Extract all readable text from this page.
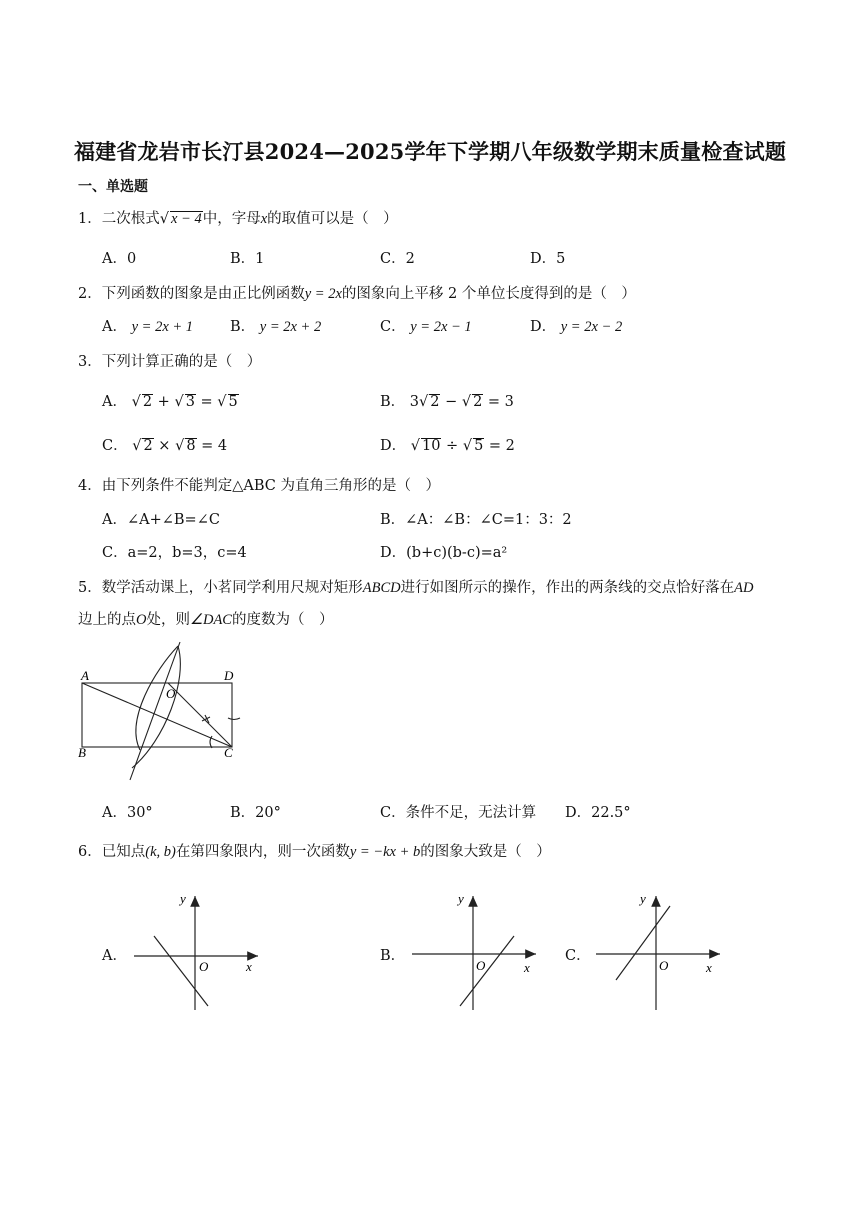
福建省龙岩市长汀县2024—2025学年下学期八年级数学期末质量检查试题
一、单选题
1．二次根式√ x − 4中，字母x的取值可以是（　）
A．0	B．1	C．2	D．5
2．下列函数的图象是由正比例函数y = 2x的图象向上平移 2 个单位长度得到的是（　）
A． y = 2x + 1	B． y = 2x + 2	C． y = 2x − 1	D． y = 2x − 2
3．下列计算正确的是（　）
A． √ 2 + √ 3 = √ 5	B． 3√ 2 − √ 2 = 3
C． √ 2 × √ 8 = 4	D． √ 10 ÷ √ 5 = 2
4．由下列条件不能判定△ABC 为直角三角形的是（　）
A．∠A+∠B=∠C	B．∠A：∠B：∠C=1：3：2
C．a=2，b=3，c=4	D．(b+c)(b-c)=a²
5．数学活动课上，小茗同学利用尺规对矩形ABCD进行如图所示的操作，作出的两条线的交点恰好落在AD
边上的点O处，则∠DAC的度数为（　）
A	D
B	C
O
A．30°	B．20°	C．条件不足，无法计算 D．22.5°
6．已知点(k, b)在第四象限内，则一次函数y = −kx + b的图象大致是（　）
A．
y
x
O
B．
y
x
O
C．
y
x
O
